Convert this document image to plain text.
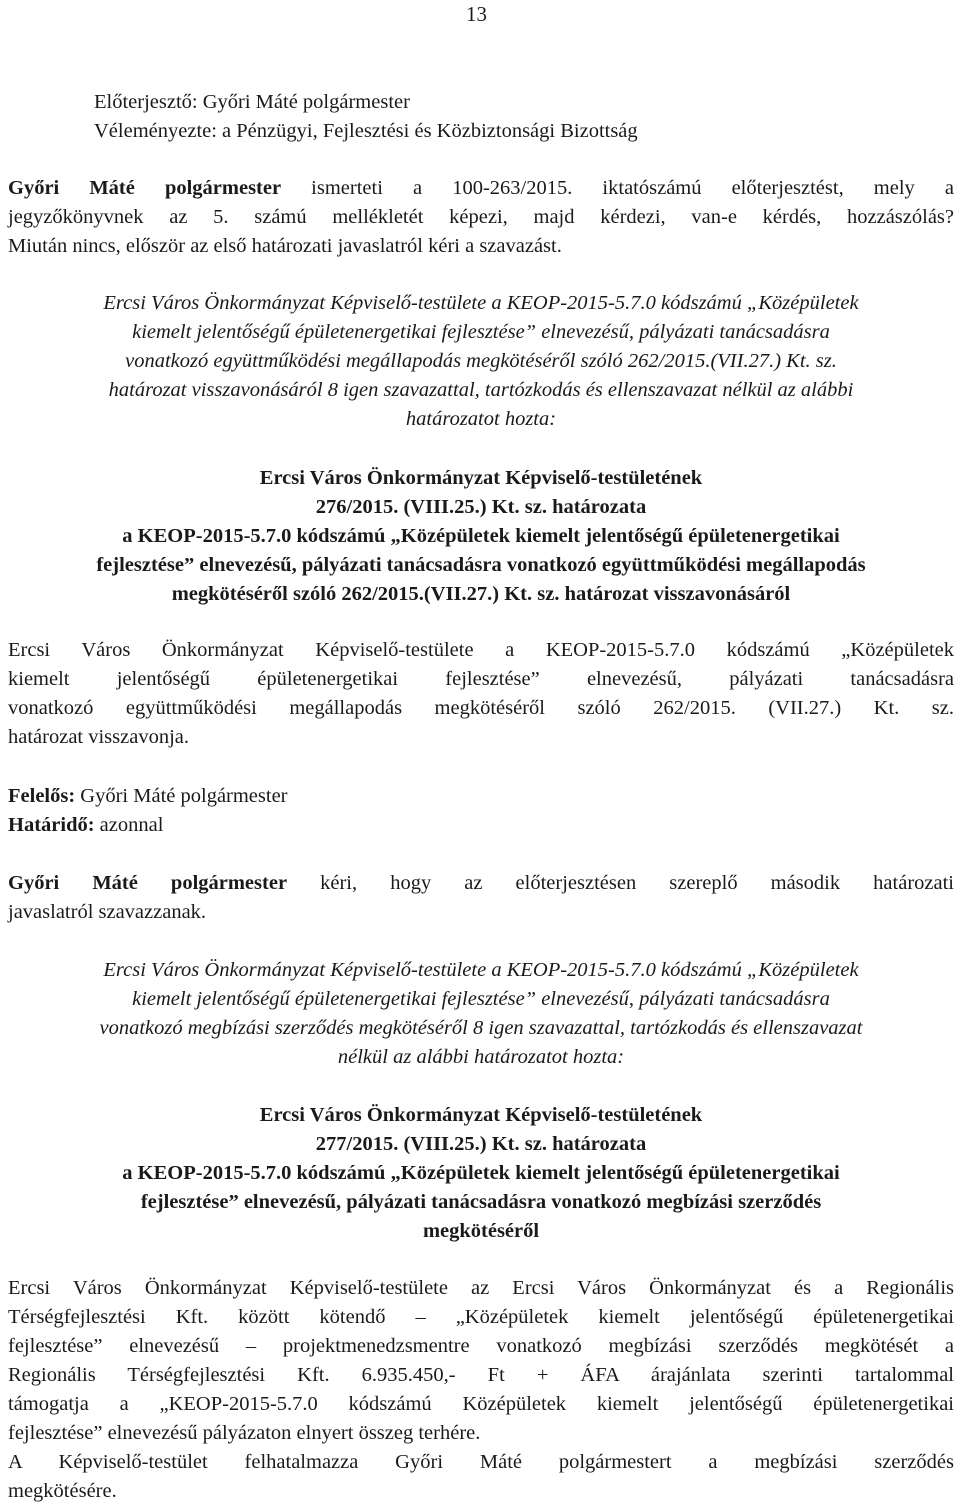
13
Előterjesztő: Győri Máté polgármester
Véleményezte: a Pénzügyi, Fejlesztési és Közbiztonsági Bizottság
Győri Máté polgármester ismerteti a 100-263/2015. iktatószámú előterjesztést, mely a
jegyzőkönyvnek az 5. számú mellékletét képezi, majd kérdezi, van-e kérdés, hozzászólás?
Miután nincs, először az első határozati javaslatról kéri a szavazást.
Ercsi Város Önkormányzat Képviselő-testülete a KEOP-2015-5.7.0 kódszámú „Középületek
kiemelt jelentőségű épületenergetikai fejlesztése” elnevezésű, pályázati tanácsadásra
vonatkozó együttműködési megállapodás megkötéséről szóló 262/2015.(VII.27.) Kt. sz.
határozat visszavonásáról 8 igen szavazattal, tartózkodás és ellenszavazat nélkül az alábbi
határozatot hozta:
Ercsi Város Önkormányzat Képviselő-testületének
276/2015. (VIII.25.) Kt. sz. határozata
a KEOP-2015-5.7.0 kódszámú „Középületek kiemelt jelentőségű épületenergetikai
fejlesztése” elnevezésű, pályázati tanácsadásra vonatkozó együttműködési megállapodás
megkötéséről szóló 262/2015.(VII.27.) Kt. sz. határozat visszavonásáról
Ercsi Város Önkormányzat Képviselő-testülete a KEOP-2015-5.7.0 kódszámú „Középületek
kiemelt jelentőségű épületenergetikai fejlesztése” elnevezésű, pályázati tanácsadásra
vonatkozó együttműködési megállapodás megkötéséről szóló 262/2015. (VII.27.) Kt. sz.
határozat visszavonja.
Felelős: Győri Máté polgármester
Határidő: azonnal
Győri Máté polgármester kéri, hogy az előterjesztésen szereplő második határozati
javaslatról szavazzanak.
Ercsi Város Önkormányzat Képviselő-testülete a KEOP-2015-5.7.0 kódszámú „Középületek
kiemelt jelentőségű épületenergetikai fejlesztése” elnevezésű, pályázati tanácsadásra
vonatkozó megbízási szerződés megkötéséről 8 igen szavazattal, tartózkodás és ellenszavazat
nélkül az alábbi határozatot hozta:
Ercsi Város Önkormányzat Képviselő-testületének
277/2015. (VIII.25.) Kt. sz. határozata
a KEOP-2015-5.7.0 kódszámú „Középületek kiemelt jelentőségű épületenergetikai
fejlesztése” elnevezésű, pályázati tanácsadásra vonatkozó megbízási szerződés
megkötéséről
Ercsi Város Önkormányzat Képviselő-testülete az Ercsi Város Önkormányzat és a Regionális
Térségfejlesztési Kft. között kötendő – „Középületek kiemelt jelentőségű épületenergetikai
fejlesztése” elnevezésű – projektmenedzsmentre vonatkozó megbízási szerződés megkötését a
Regionális Térségfejlesztési Kft. 6.935.450,- Ft + ÁFA árajánlata szerinti tartalommal
támogatja a „KEOP-2015-5.7.0 kódszámú Középületek kiemelt jelentőségű épületenergetikai
fejlesztése” elnevezésű pályázaton elnyert összeg terhére.
A Képviselő-testület felhatalmazza Győri Máté polgármestert a megbízási szerződés
megkötésére.
